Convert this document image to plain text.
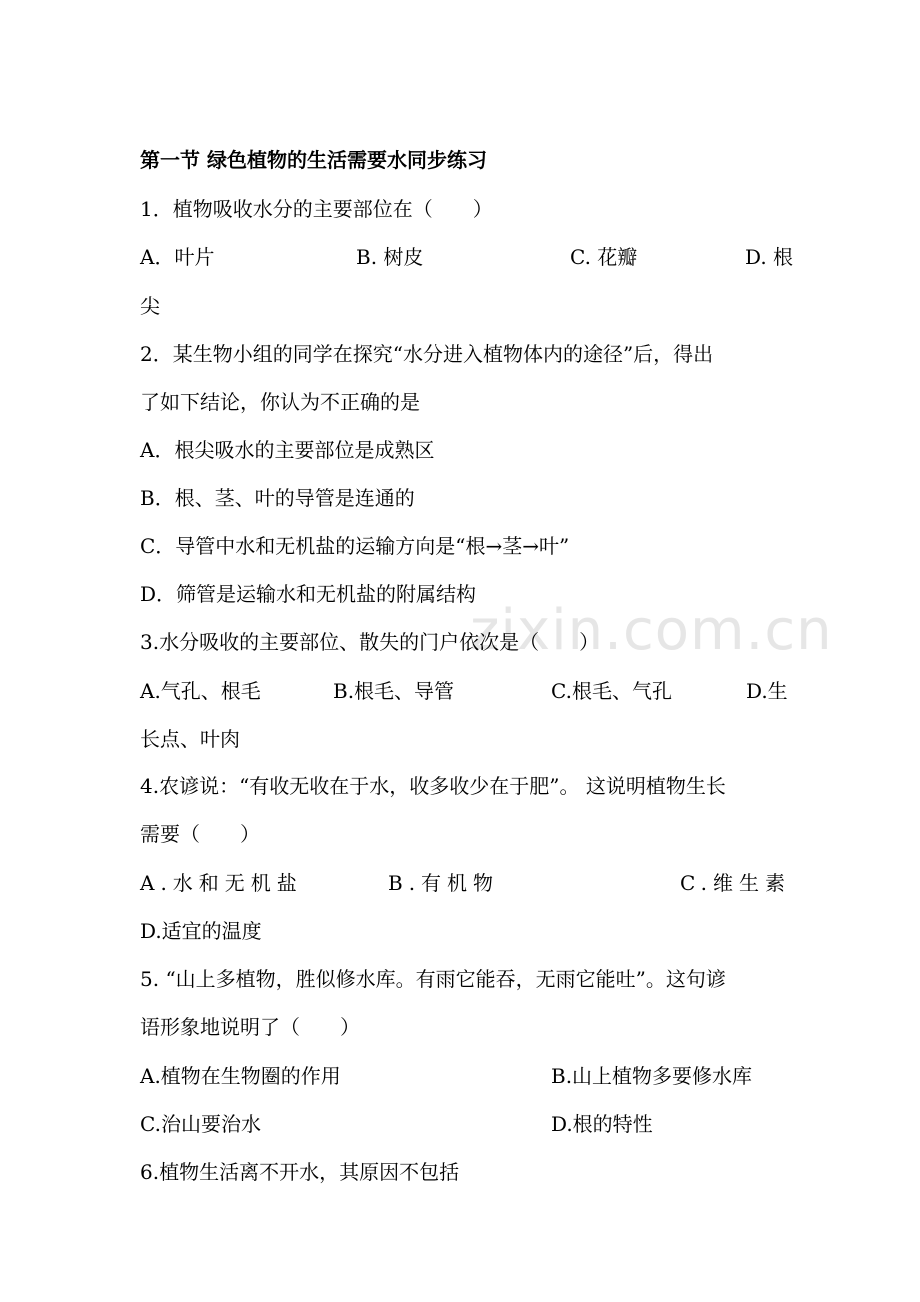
zixin.com.cn
第一节 绿色植物的生活需要水同步练习
1．植物吸收水分的主要部位在（　　）
A．叶片	B. 树皮	C. 花瓣	D. 根
尖
2．某生物小组的同学在探究“水分进入植物体内的途径”后，得出
了如下结论，你认为不正确的是
A．根尖吸水的主要部位是成熟区
B．根、茎、叶的导管是连通的
C．导管中水和无机盐的运输方向是“根→茎→叶”
D．筛管是运输水和无机盐的附属结构
3.水分吸收的主要部位、散失的门户依次是（　　）
A.气孔、根毛	B.根毛、导管	C.根毛、气孔	D.生
长点、叶肉
4.农谚说：“有收无收在于水，收多收少在于肥”。 这说明植物生长
需要（　　）
A.水和无机盐	B.有机物	C.维生素
D.适宜的温度
5. “山上多植物，胜似修水库。有雨它能吞，无雨它能吐”。这句谚
语形象地说明了（　　）
A.植物在生物圈的作用	B.山上植物多要修水库
C.治山要治水	D.根的特性
6.植物生活离不开水，其原因不包括
